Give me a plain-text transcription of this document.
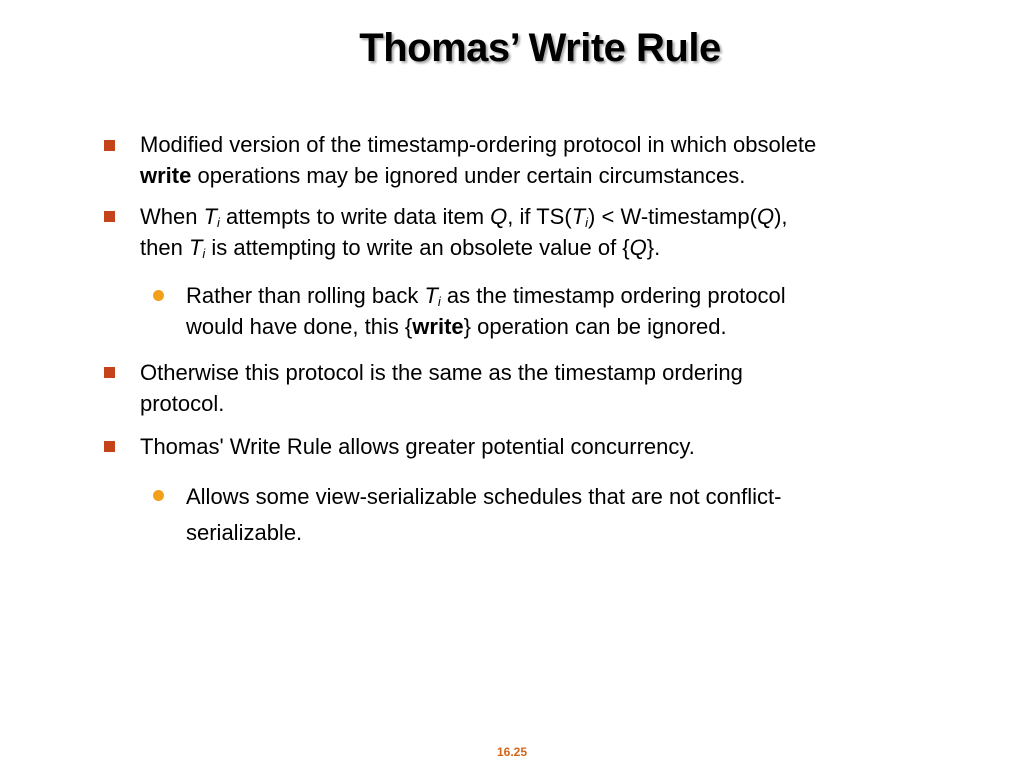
Thomas’ Write Rule
Modified version of the timestamp-ordering protocol in which obsolete
write operations may be ignored under certain circumstances.
When $T_i$ attempts to write data item Q, if $TS(T_i)$ < W-timestamp(Q),
then $T_i$ is attempting to write an obsolete value of {Q}.
Rather than rolling back $T_i$ as the timestamp ordering protocol
would have done, this {write} operation can be ignored.
Otherwise this protocol is the same as the timestamp ordering
protocol.
Thomas' Write Rule allows greater potential concurrency.
Allows some view-serializable schedules that are not conflict-
serializable.
16.25
